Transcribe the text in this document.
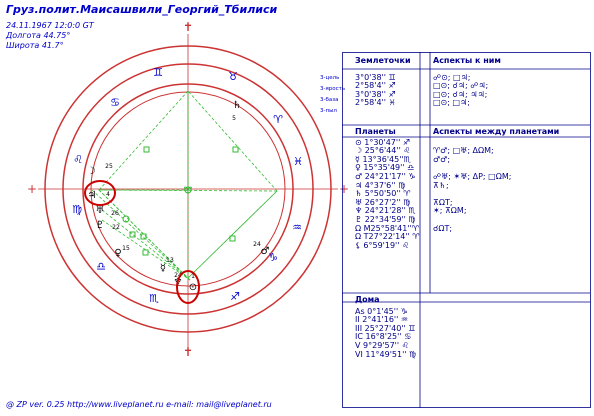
Груз.полит.Маисашвили_Георгий_Тбилиси
24.11.1967 12:0:0 GT
Долгота 44.75°
Широта 41.7°
✝
✝
+	+
♈
♉
♈
♓
♒
♑
♐
♏
♎
♍
♌
♋
♊
☽
♃
♅
♇
♀
☿
♆ ⊙
♄
♂
25
4
26
22
15
13
24 1
5
24
3-цель
3-ярость
3-база
3-пыл
Землеточки	Аспекты к ним
3°0'38'' ♊	☍⊙; □♃;
2°58'4'' ♐	□⊙; ☌♃; ☍♃;
3°0'38'' ♐	□⊙; ☌♃; ♃♃;
2°58'4'' ♓	□⊙; □♃;
Планеты	Аспекты между планетами
⊙ 1°30'47'' ♐
☽ 25°6'44'' ♌	♈♂; □♅; ΔΩM;
☿ 13°36'45''♏	♂♂;
♀ 15°35'49'' ♎
♂ 24°21'17'' ♑ ☍♅; ✶♅; ΔΡ; □ΩM;
♃ 4°37'6'' ♍	⊼♄;
♄ 5°50'50'' ♈
♅ 26°27'2'' ♍	⊼ΩT;
♆ 24°21'28'' ♏ ✶; ⊼ΩM;
♇ 22°34'59'' ♍
Ω M25°58'41''♈ ☌ΩT;
Ω T27°22'14'' ♈
⚸ 6°59'19'' ♌
Дома
As 0°1'45'' ♑
II 2°41'16'' ♒
III 25°27'40'' ♊
IC 16°8'25'' ♋
V 9°29'57'' ♌
VI 11°49'51'' ♍
@ ZP ver. 0.25 http://www.liveplanet.ru e-mail: mail@liveplanet.ru
